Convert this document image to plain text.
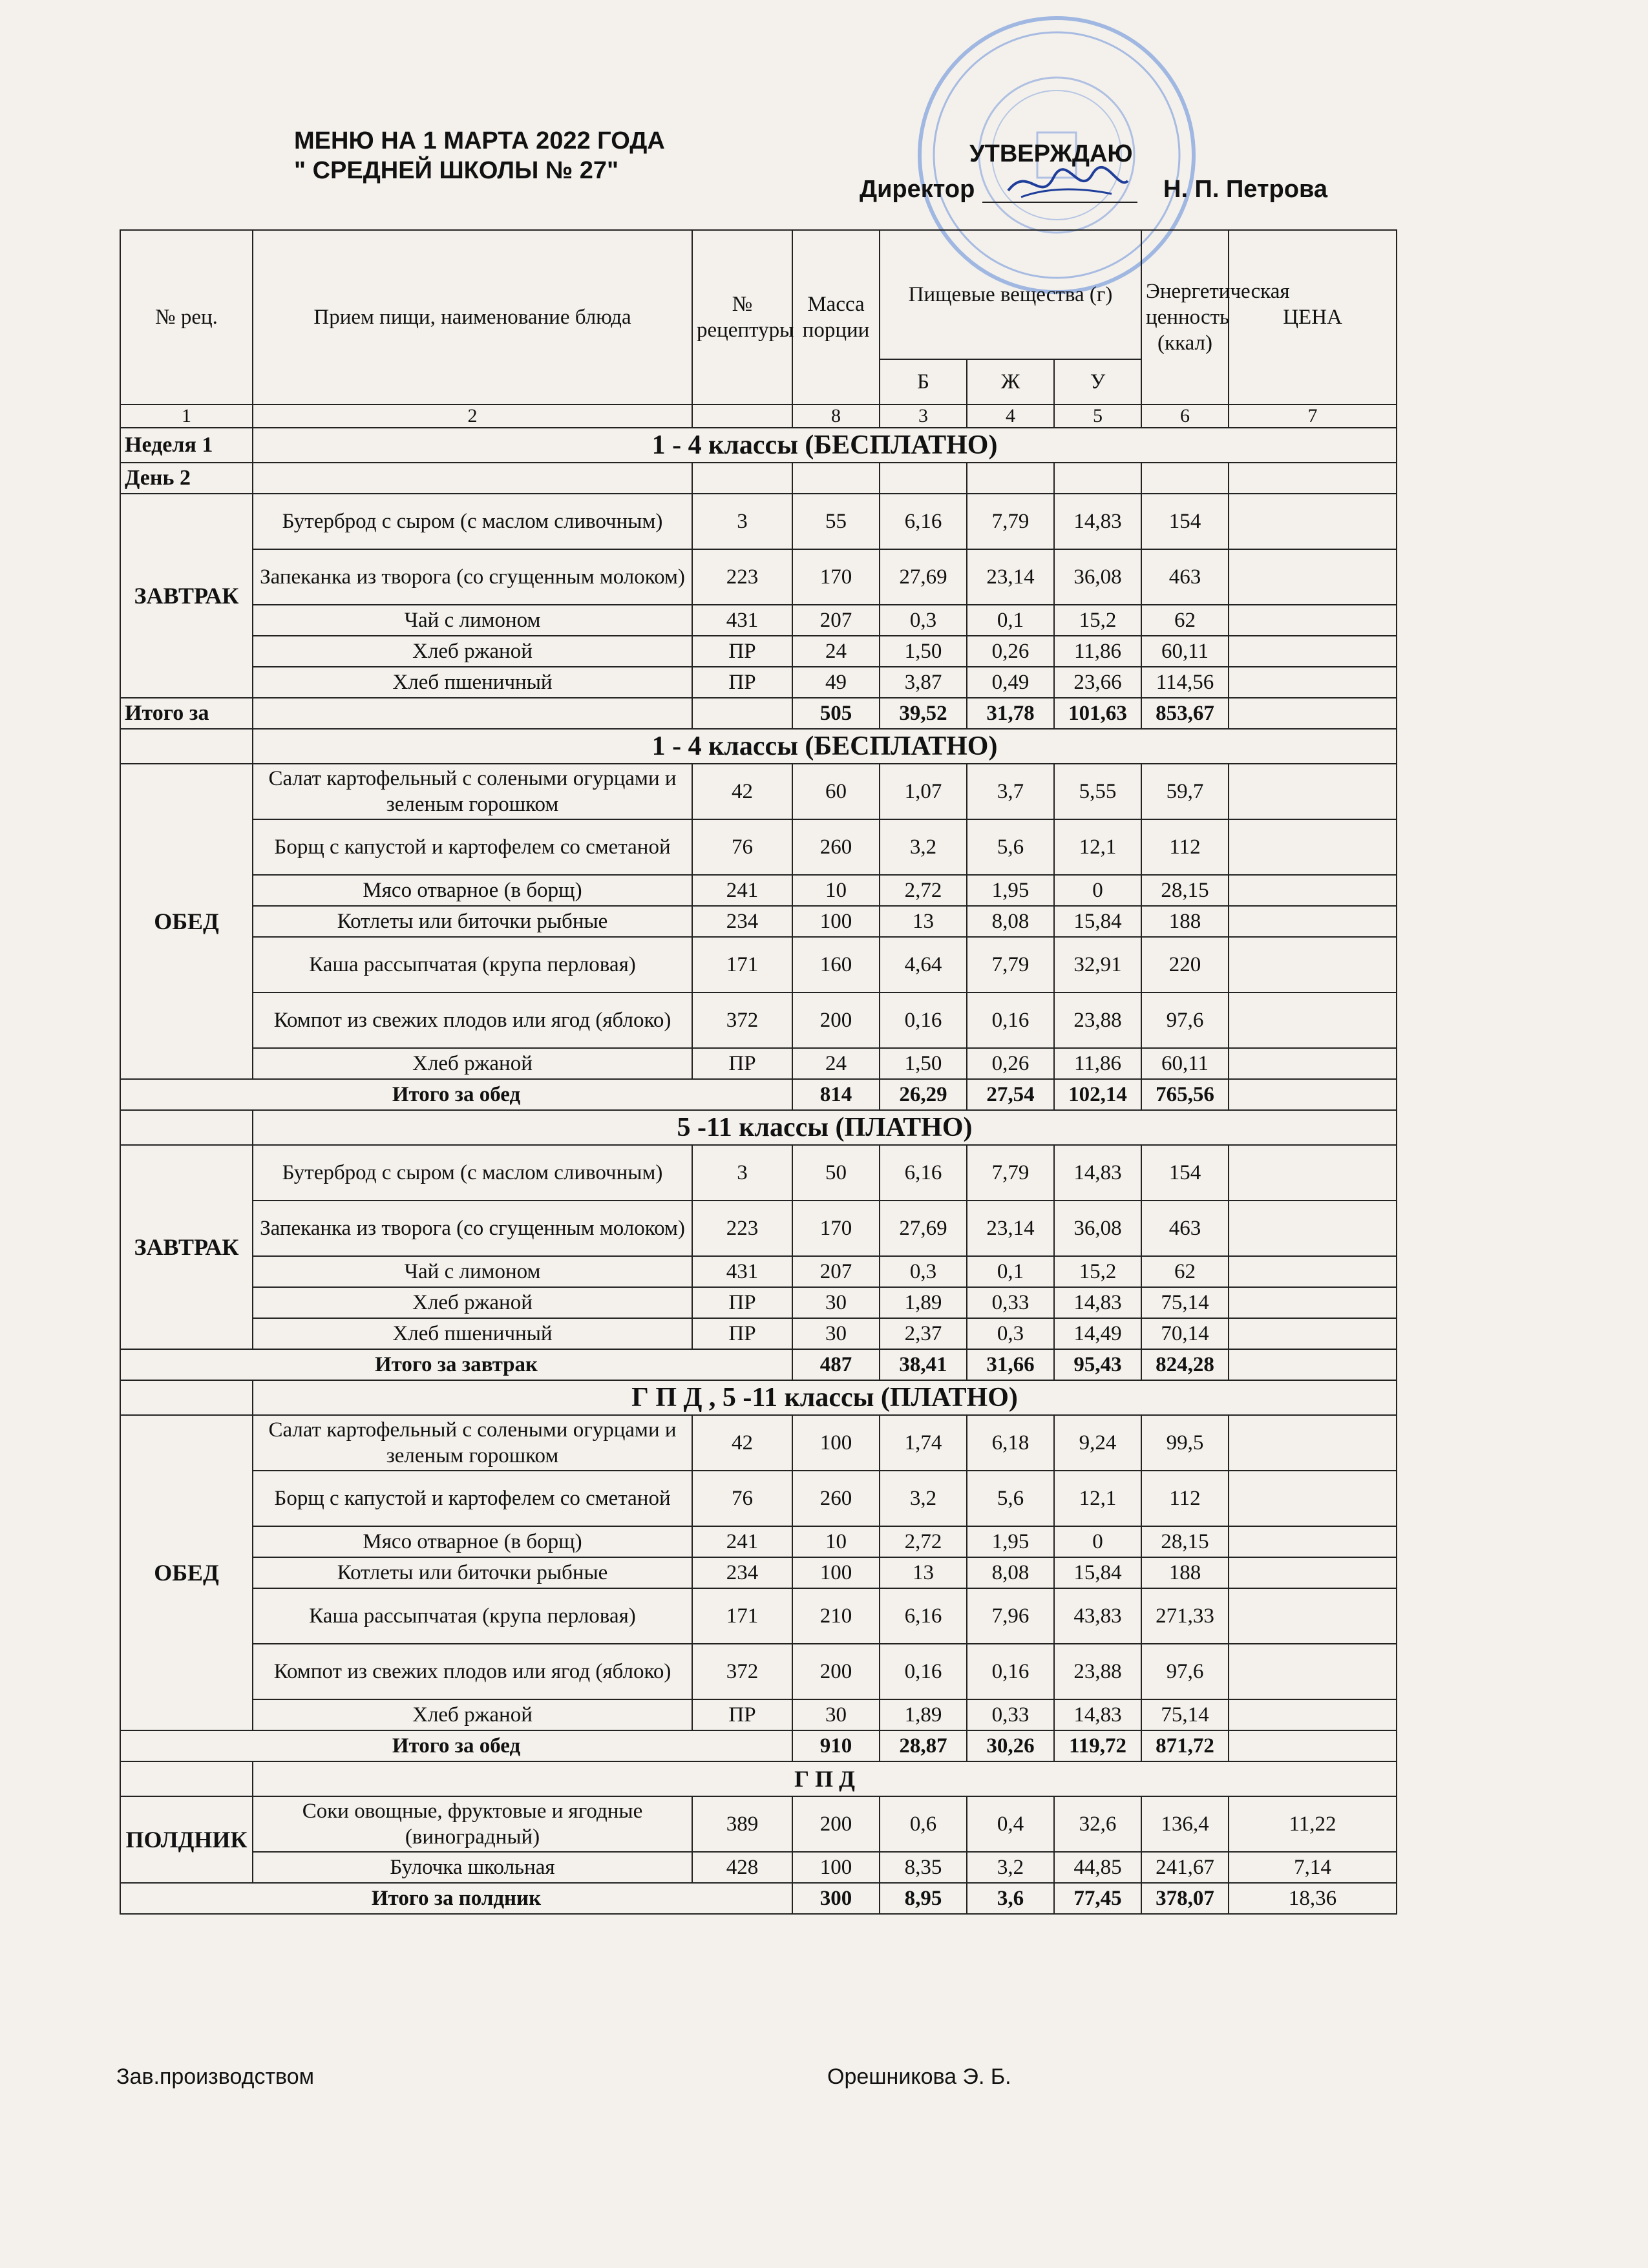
МЕНЮ НА 1 МАРТА 2022 ГОДА
" СРЕДНЕЙ ШКОЛЫ № 27"
УТВЕРЖДАЮ
Директор	Н. П. Петрова
№ рец.	Прием пищи, наименование блюда	№ рецептуры	Масса порции	Пищевые вещества (г)			Энергетическая ценность (ккал)	ЦЕНА
				Б	Ж	У		
1	2		8	3	4	5	6	7
Неделя 1	1 - 4 классы (БЕСПЛАТНО)							
День 2								
ЗАВТРАК	Бутерброд с сыром (с маслом сливочным)	3	55	6,16	7,79	14,83	154	
	Запеканка из творога (со сгущенным молоком)	223	170	27,69	23,14	36,08	463	
	Чай с лимоном	431	207	0,3	0,1	15,2	62	
	Хлеб ржаной	ПР	24	1,50	0,26	11,86	60,11	
	Хлеб пшеничный	ПР	49	3,87	0,49	23,66	114,56	
Итого за			505	39,52	31,78	101,63	853,67	
	1 - 4 классы (БЕСПЛАТНО)							
ОБЕД	Салат картофельный с солеными огурцами и зеленым горошком	42	60	1,07	3,7	5,55	59,7	
	Борщ с капустой и картофелем со сметаной	76	260	3,2	5,6	12,1	112	
	Мясо отварное (в борщ)	241	10	2,72	1,95	0	28,15	
	Котлеты или биточки рыбные	234	100	13	8,08	15,84	188	
	Каша рассыпчатая (крупа перловая)	171	160	4,64	7,79	32,91	220	
	Компот из свежих плодов или ягод (яблоко)	372	200	0,16	0,16	23,88	97,6	
	Хлеб ржаной	ПР	24	1,50	0,26	11,86	60,11	
Итого за обед			814	26,29	27,54	102,14	765,56	
	5 -11 классы (ПЛАТНО)							
ЗАВТРАК	Бутерброд с сыром (с маслом сливочным)	3	50	6,16	7,79	14,83	154	
	Запеканка из творога (со сгущенным молоком)	223	170	27,69	23,14	36,08	463	
	Чай с лимоном	431	207	0,3	0,1	15,2	62	
	Хлеб ржаной	ПР	30	1,89	0,33	14,83	75,14	
	Хлеб пшеничный	ПР	30	2,37	0,3	14,49	70,14	
Итого за завтрак			487	38,41	31,66	95,43	824,28	
	Г П Д , 5 -11 классы (ПЛАТНО)							
ОБЕД	Салат картофельный с солеными огурцами и зеленым горошком	42	100	1,74	6,18	9,24	99,5	
	Борщ с капустой и картофелем со сметаной	76	260	3,2	5,6	12,1	112	
	Мясо отварное (в борщ)	241	10	2,72	1,95	0	28,15	
	Котлеты или биточки рыбные	234	100	13	8,08	15,84	188	
	Каша рассыпчатая (крупа перловая)	171	210	6,16	7,96	43,83	271,33	
	Компот из свежих плодов или ягод (яблоко)	372	200	0,16	0,16	23,88	97,6	
	Хлеб ржаной	ПР	30	1,89	0,33	14,83	75,14	
Итого за обед			910	28,87	30,26	119,72	871,72	
	Г П Д							
ПОЛДНИК	Соки овощные, фруктовые и ягодные (виноградный)	389	200	0,6	0,4	32,6	136,4	11,22
	Булочка школьная	428	100	8,35	3,2	44,85	241,67	7,14
Итого за полдник			300	8,95	3,6	77,45	378,07	18,36
Зав.производством	Орешникова Э. Б.
